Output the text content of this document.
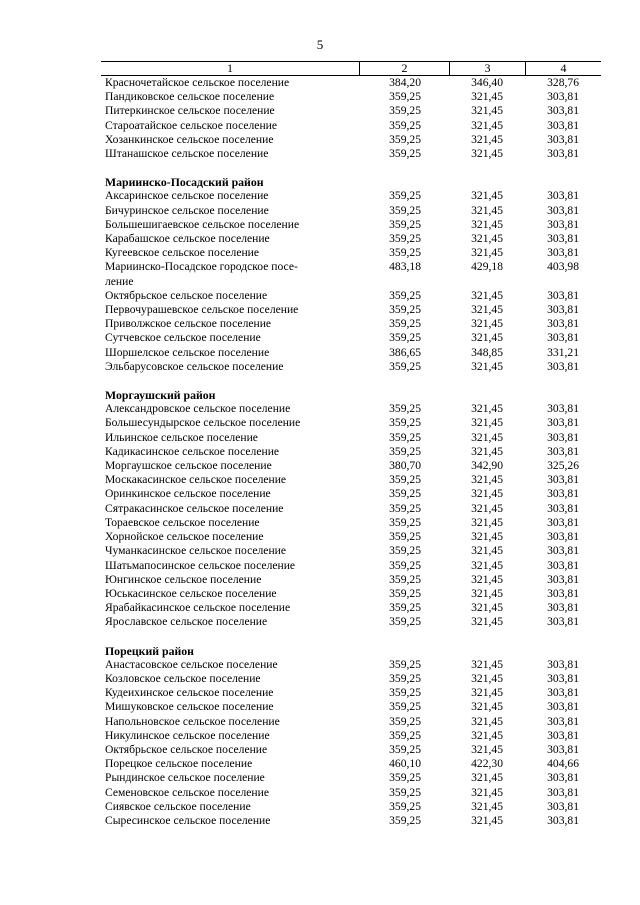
5
1	2	3	4
Красночетайское сельское поселение	384,20	346,40	328,76
Пандиковское сельское поселение	359,25	321,45	303,81
Питеркинское сельское поселение	359,25	321,45	303,81
Староатайское сельское поселение	359,25	321,45	303,81
Хозанкинское сельское поселение	359,25	321,45	303,81
Штанашское сельское поселение	359,25	321,45	303,81
Мариинско-Посадский район
Аксаринское сельское поселение	359,25	321,45	303,81
Бичуринское сельское поселение	359,25	321,45	303,81
Большешигаевское сельское поселение	359,25	321,45	303,81
Карабашское сельское поселение	359,25	321,45	303,81
Кугеевское сельское поселение	359,25	321,45	303,81
Мариинско-Посадское городское посе-
ление
483,18	429,18	403,98
Октябрьское сельское поселение	359,25	321,45	303,81
Первочурашевское сельское поселение	359,25	321,45	303,81
Приволжское сельское поселение	359,25	321,45	303,81
Сутчевское сельское поселение	359,25	321,45	303,81
Шоршелское сельское поселение	386,65	348,85	331,21
Эльбарусовское сельское поселение	359,25	321,45	303,81
Моргаушский район
Александровское сельское поселение	359,25	321,45	303,81
Большесундырское сельское поселение	359,25	321,45	303,81
Ильинское сельское поселение	359,25	321,45	303,81
Кадикасинское сельское поселение	359,25	321,45	303,81
Моргаушское сельское поселение	380,70	342,90	325,26
Москакасинское сельское поселение	359,25	321,45	303,81
Оринкинское сельское поселение	359,25	321,45	303,81
Сятракасинское сельское поселение	359,25	321,45	303,81
Тораевское сельское поселение	359,25	321,45	303,81
Хорнойское сельское поселение	359,25	321,45	303,81
Чуманкасинское сельское поселение	359,25	321,45	303,81
Шатьмапосинское сельское поселение	359,25	321,45	303,81
Юнгинское сельское поселение	359,25	321,45	303,81
Юськасинское сельское поселение	359,25	321,45	303,81
Ярабайкасинское сельское поселение	359,25	321,45	303,81
Ярославское сельское поселение	359,25	321,45	303,81
Порецкий район
Анастасовское сельское поселение	359,25	321,45	303,81
Козловское сельское поселение	359,25	321,45	303,81
Кудеихинское сельское поселение	359,25	321,45	303,81
Мишуковское сельское поселение	359,25	321,45	303,81
Напольновское сельское поселение	359,25	321,45	303,81
Никулинское сельское поселение	359,25	321,45	303,81
Октябрьское сельское поселение	359,25	321,45	303,81
Порецкое сельское поселение	460,10	422,30	404,66
Рындинское сельское поселение	359,25	321,45	303,81
Семеновское сельское поселение	359,25	321,45	303,81
Сиявское сельское поселение	359,25	321,45	303,81
Сыресинское сельское поселение	359,25	321,45	303,81
